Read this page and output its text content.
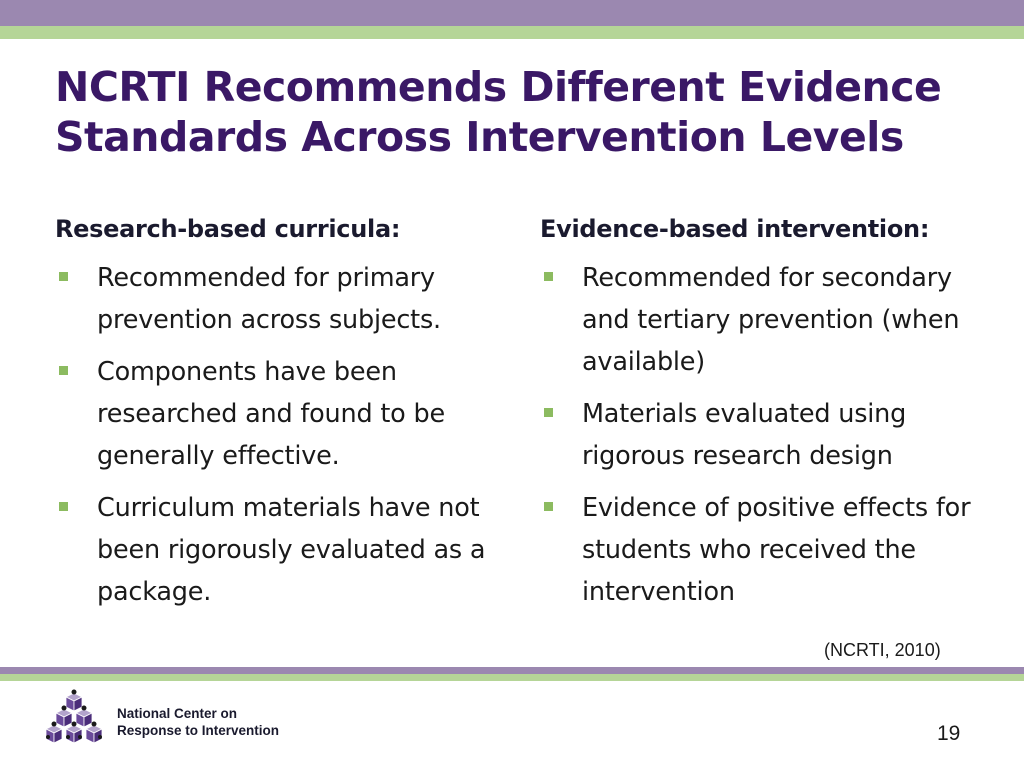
NCRTI Recommends Different Evidence
Standards Across Intervention Levels
Research-based curricula:
Recommended for primary prevention across subjects.
Components have been researched and found to be generally effective.
Curriculum materials have not been rigorously evaluated as a package.
Evidence-based intervention:
Recommended for secondary and tertiary prevention (when available)
Materials evaluated using rigorous research design
Evidence of positive effects for students who received the intervention
(NCRTI, 2010)
National Center on
Response to Intervention	19
